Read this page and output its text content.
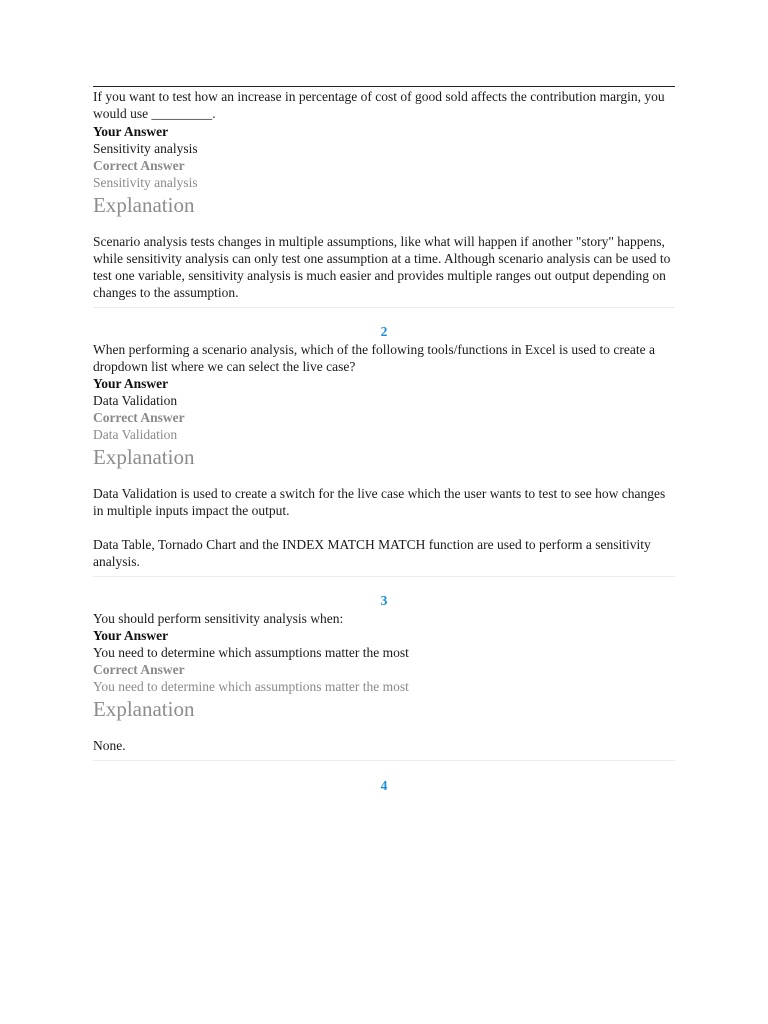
If you want to test how an increase in percentage of cost of good sold affects the contribution margin, you would use _________.

Your Answer

Sensitivity analysis

Correct Answer

Sensitivity analysis

Explanation

Scenario analysis tests changes in multiple assumptions, like what will happen if another "story" happens, while sensitivity analysis can only test one assumption at a time. Although scenario analysis can be used to test one variable, sensitivity analysis is much easier and provides multiple ranges out output depending on changes to the assumption.

2

When performing a scenario analysis, which of the following tools/functions in Excel is used to create a dropdown list where we can select the live case?

Your Answer

Data Validation

Correct Answer

Data Validation

Explanation

Data Validation is used to create a switch for the live case which the user wants to test to see how changes in multiple inputs impact the output.

Data Table, Tornado Chart and the INDEX MATCH MATCH function are used to perform a sensitivity analysis.

3

You should perform sensitivity analysis when:

Your Answer

You need to determine which assumptions matter the most

Correct Answer

You need to determine which assumptions matter the most

Explanation

None.

4
